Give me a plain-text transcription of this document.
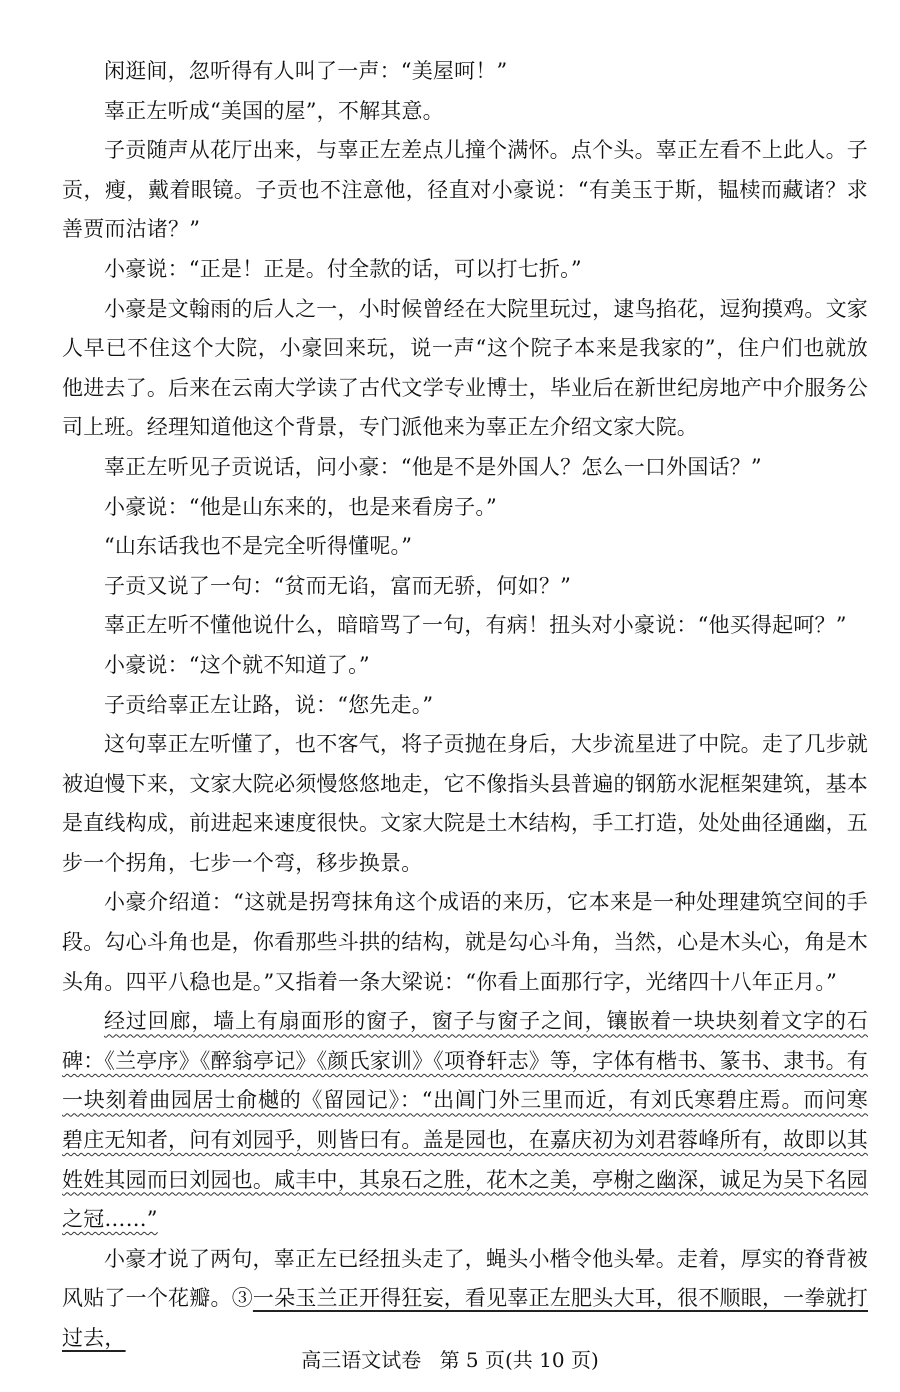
闲逛间，忽听得有人叫了一声：“美屋呵！”

辜正左听成“美国的屋”，不解其意。

子贡随声从花厅出来，与辜正左差点儿撞个满怀。点个头。辜正左看不上此人。子贡，瘦，戴着眼镜。子贡也不注意他，径直对小豪说：“有美玉于斯，韫椟而藏诸？求善贾而沽诸？”

小豪说：“正是！正是。付全款的话，可以打七折。”

小豪是文翰雨的后人之一，小时候曾经在大院里玩过，逮鸟掐花，逗狗摸鸡。文家人早已不住这个大院，小豪回来玩，说一声“这个院子本来是我家的”，住户们也就放他进去了。后来在云南大学读了古代文学专业博士，毕业后在新世纪房地产中介服务公司上班。经理知道他这个背景，专门派他来为辜正左介绍文家大院。

辜正左听见子贡说话，问小豪：“他是不是外国人？怎么一口外国话？”

小豪说：“他是山东来的，也是来看房子。”

“山东话我也不是完全听得懂呢。”

子贡又说了一句：“贫而无谄，富而无骄，何如？”

辜正左听不懂他说什么，暗暗骂了一句，有病！扭头对小豪说：“他买得起呵？”

小豪说：“这个就不知道了。”

子贡给辜正左让路，说：“您先走。”

这句辜正左听懂了，也不客气，将子贡抛在身后，大步流星进了中院。走了几步就被迫慢下来，文家大院必须慢悠悠地走，它不像指头县普遍的钢筋水泥框架建筑，基本是直线构成，前进起来速度很快。文家大院是土木结构，手工打造，处处曲径通幽，五步一个拐角，七步一个弯，移步换景。

小豪介绍道：“这就是拐弯抹角这个成语的来历，它本来是一种处理建筑空间的手段。勾心斗角也是，你看那些斗拱的结构，就是勾心斗角，当然，心是木头心，角是木头角。四平八稳也是。”又指着一条大梁说：“你看上面那行字，光绪四十八年正月。”

经过回廊，墙上有扇面形的窗子，窗子与窗子之间，镶嵌着一块块刻着文字的石碑：《兰亭序》《醉翁亭记》《颜氏家训》《项脊轩志》等，字体有楷书、篆书、隶书。有一块刻着曲园居士俞樾的《留园记》：“出阊门外三里而近，有刘氏寒碧庄焉。而问寒碧庄无知者，问有刘园乎，则皆曰有。盖是园也，在嘉庆初为刘君蓉峰所有，故即以其姓姓其园而曰刘园也。咸丰中，其泉石之胜，花木之美，亭榭之幽深，诚足为吴下名园之冠……”

小豪才说了两句，辜正左已经扭头走了，蝇头小楷令他头晕。走着，厚实的脊背被风贴了一个花瓣。③一朵玉兰正开得狂妄，看见辜正左肥头大耳，很不顺眼，一拳就打过去，

高三语文试卷 第 5 页(共 10 页)
